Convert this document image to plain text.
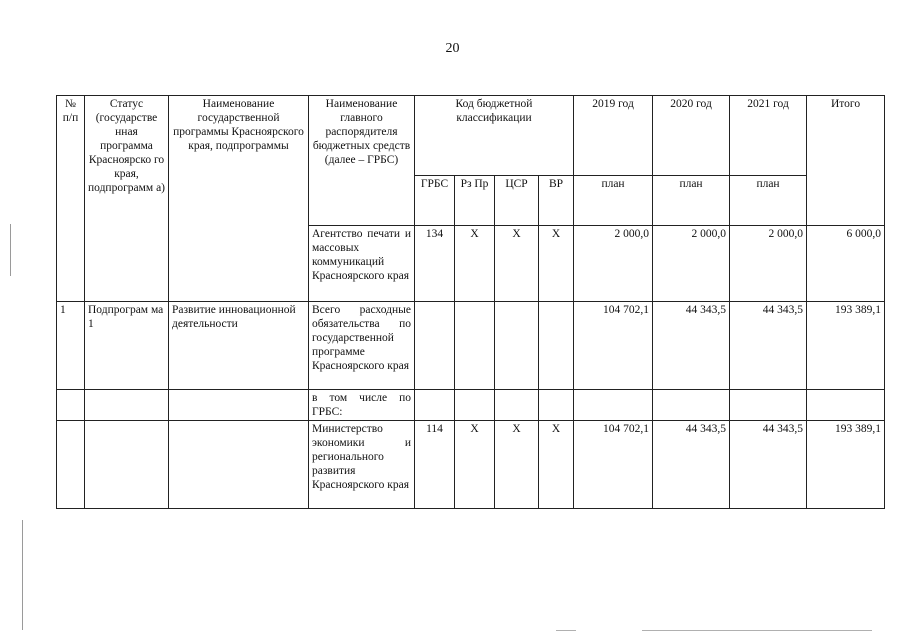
20
№ п/п	Статус (государстве нная программа Красноярско го края, подпрограмм а)	Наименование государственной программы Красноярского края, подпрограммы	Наименование главного распорядителя бюджетных средств (далее – ГРБС)	Код бюджетной классификации				2019 год	2020 год	2021 год	Итого
				ГРБС	Рз Пр	ЦСР	ВР	план	план	план	
			Агентство печати и массовых коммуникаций Красноярского края	134	Х	Х	Х	2 000,0	2 000,0	2 000,0	6 000,0
1	Подпрограм ма 1	Развитие инновационной деятельности	Всего расходные обязательства по государственной программе Красноярского края					104 702,1	44 343,5	44 343,5	193 389,1
			в том числе по ГРБС:								
			Министерство экономики и регионального развития Красноярского края	114	Х	Х	Х	104 702,1	44 343,5	44 343,5	193 389,1
